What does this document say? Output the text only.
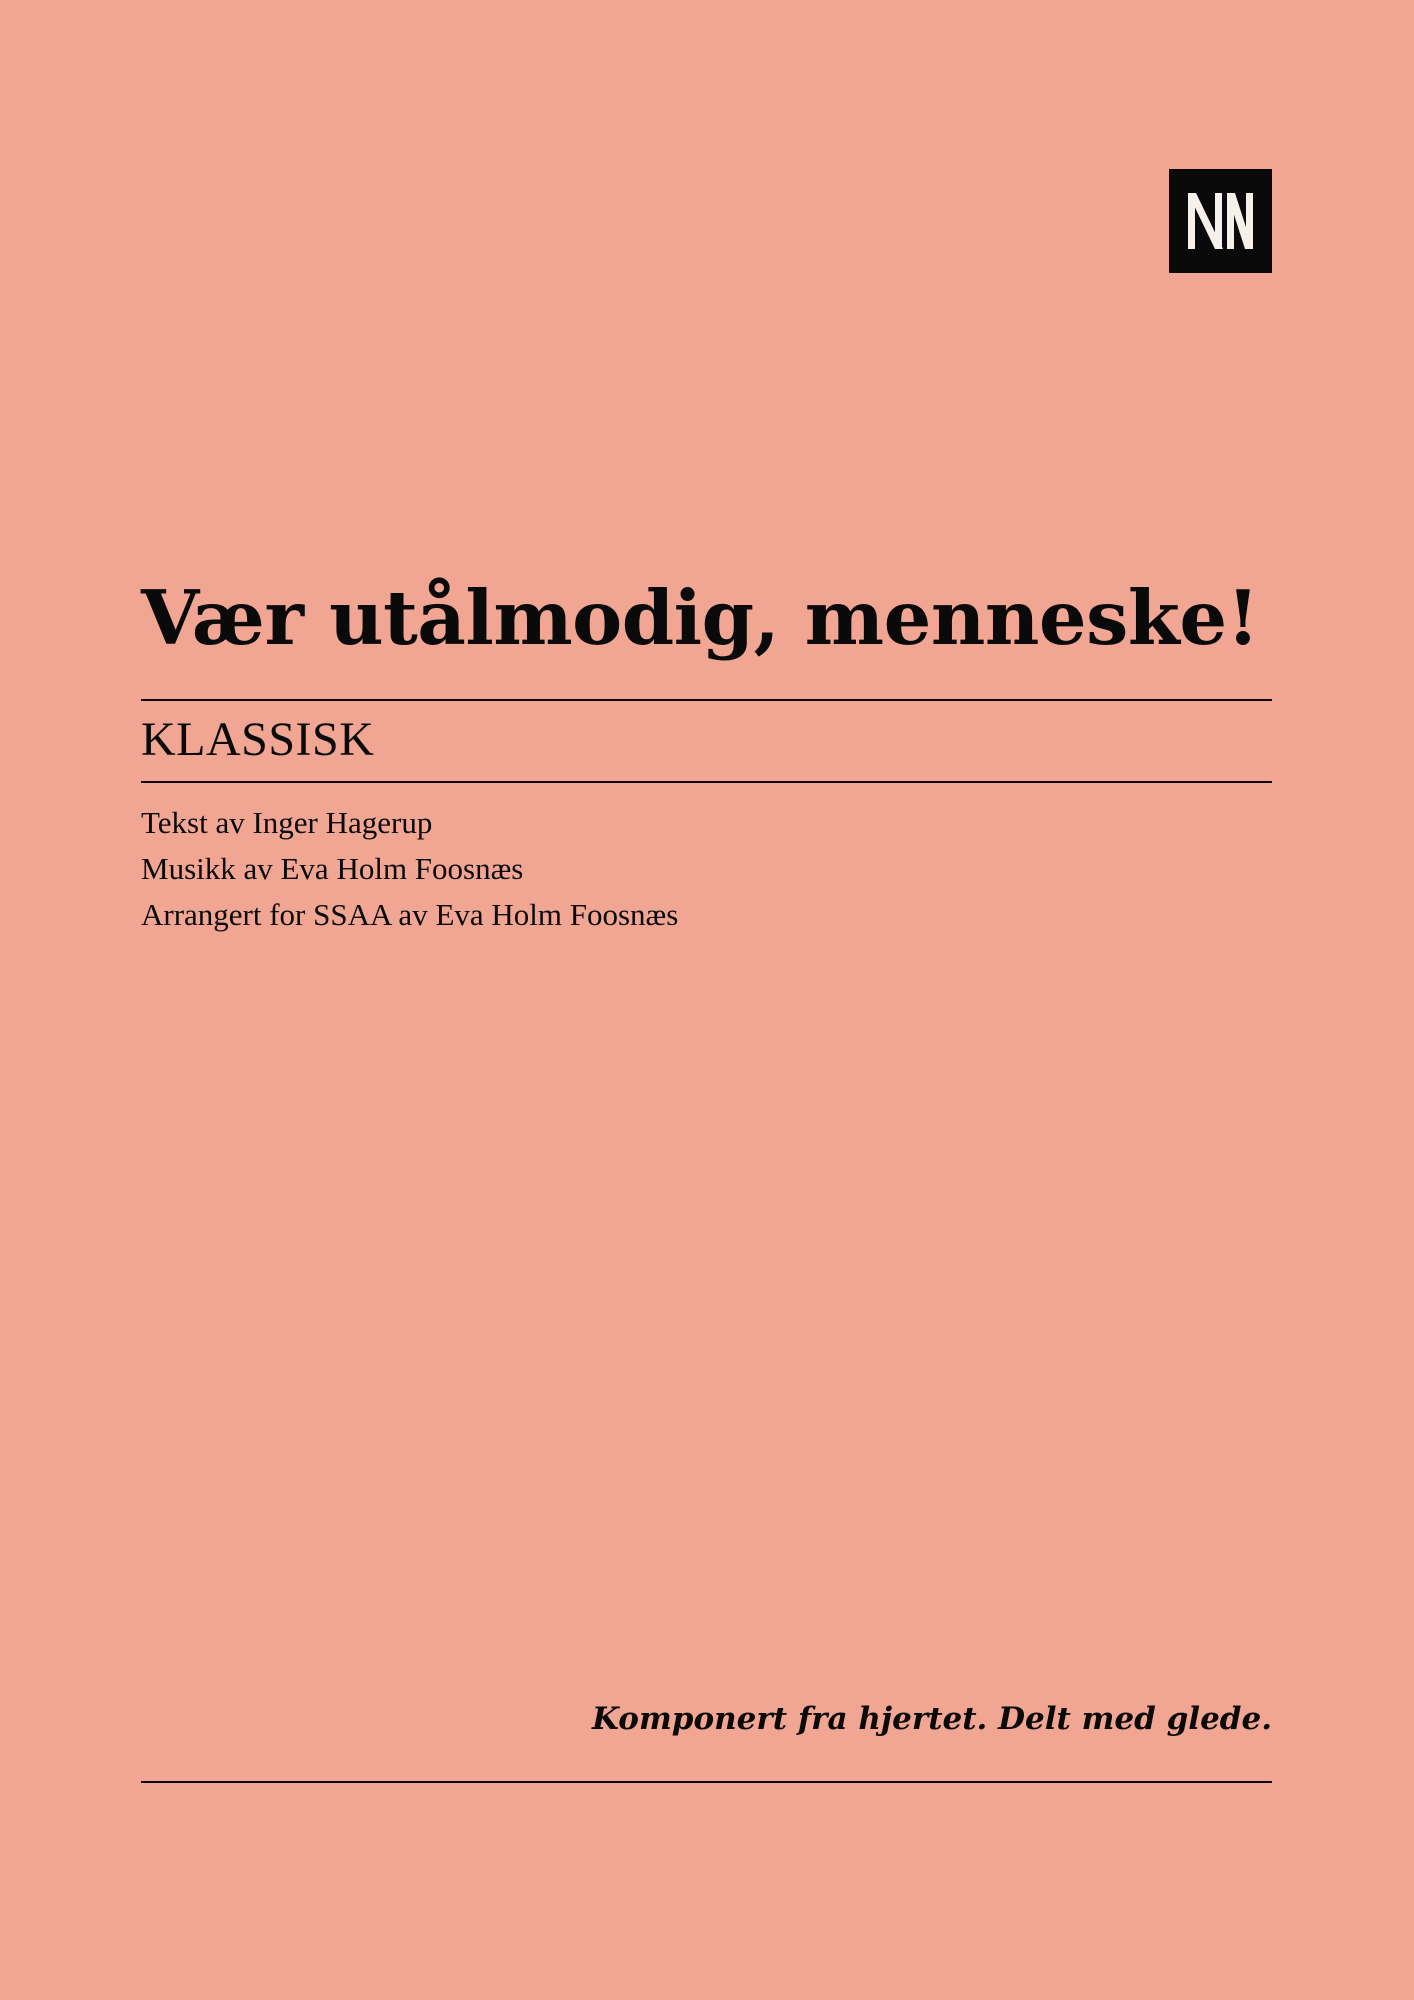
Vær utålmodig, menneske!
KLASSISK
Tekst av Inger Hagerup
Musikk av Eva Holm Foosnæs
Arrangert for SSAA av Eva Holm Foosnæs
Komponert fra hjertet. Delt med glede.
